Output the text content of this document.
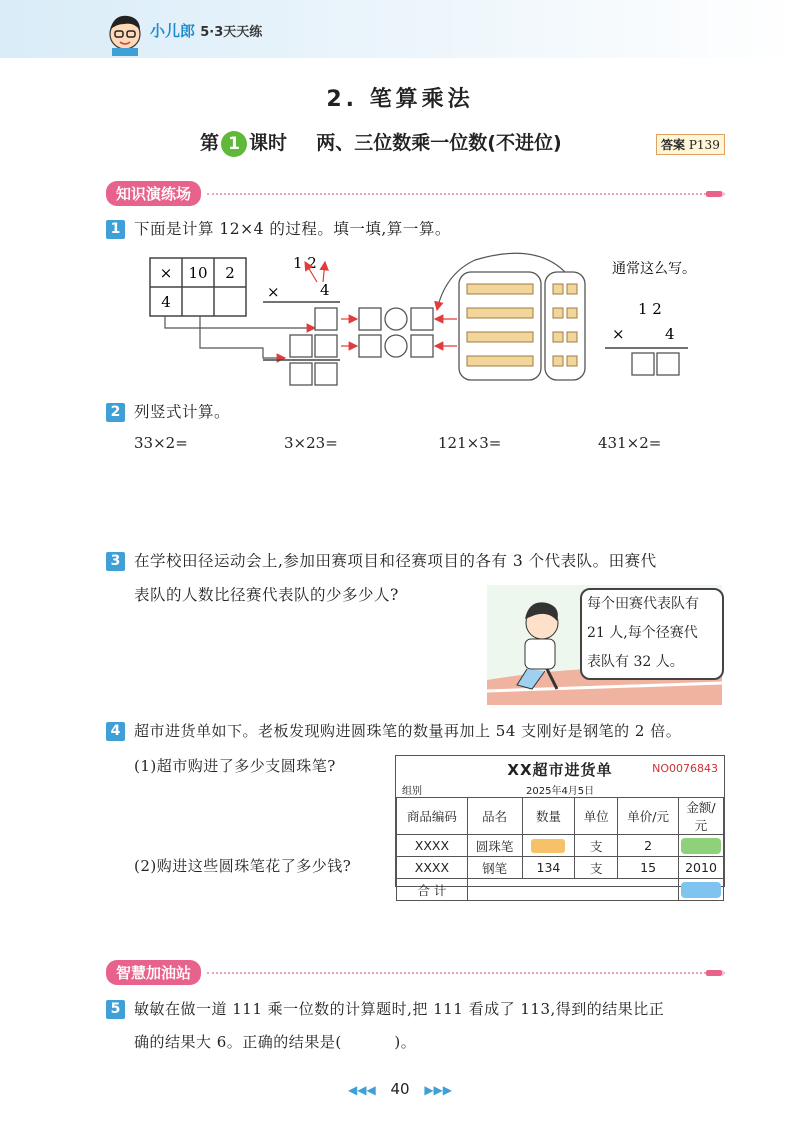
小儿郎 5·3天天练
2. 笔算乘法
第 1 课时 两、三位数乘一位数(不进位)	答案 P139
知识演练场
1 下面是计算 12×4 的过程。填一填,算一算。
× 10 2
4
1 2
×	4
通常这么写。
1 2
×	4
2 列竖式计算。
33×2=	3×23=	121×3=	431×2=
3 在学校田径运动会上,参加田赛项目和径赛项目的各有 3 个代表队。田赛代
表队的人数比径赛代表队的少多少人?	每个田赛代表队有
21 人,每个径赛代
表队有 32 人。
4 超市进货单如下。老板发现购进圆珠笔的数量再加上 54 支刚好是钢笔的 2 倍。
(1)超市购进了多少支圆珠笔?
(2)购进这些圆珠笔花了多少钱?
XX超市进货单	NO0076843
组别	2025年4月5日
商品编码	品名	数量	单位	单价/元	金额/元
XXXX	圆珠笔		支	2	

XXXX	钢笔	134	支	15	2010
合 计					
智慧加油站
5 敏敏在做一道 111 乘一位数的计算题时,把 111 看成了 113,得到的结果比正
确的结果大 6。正确的结果是(          )。
◀◀◀ 40 ▶▶▶
